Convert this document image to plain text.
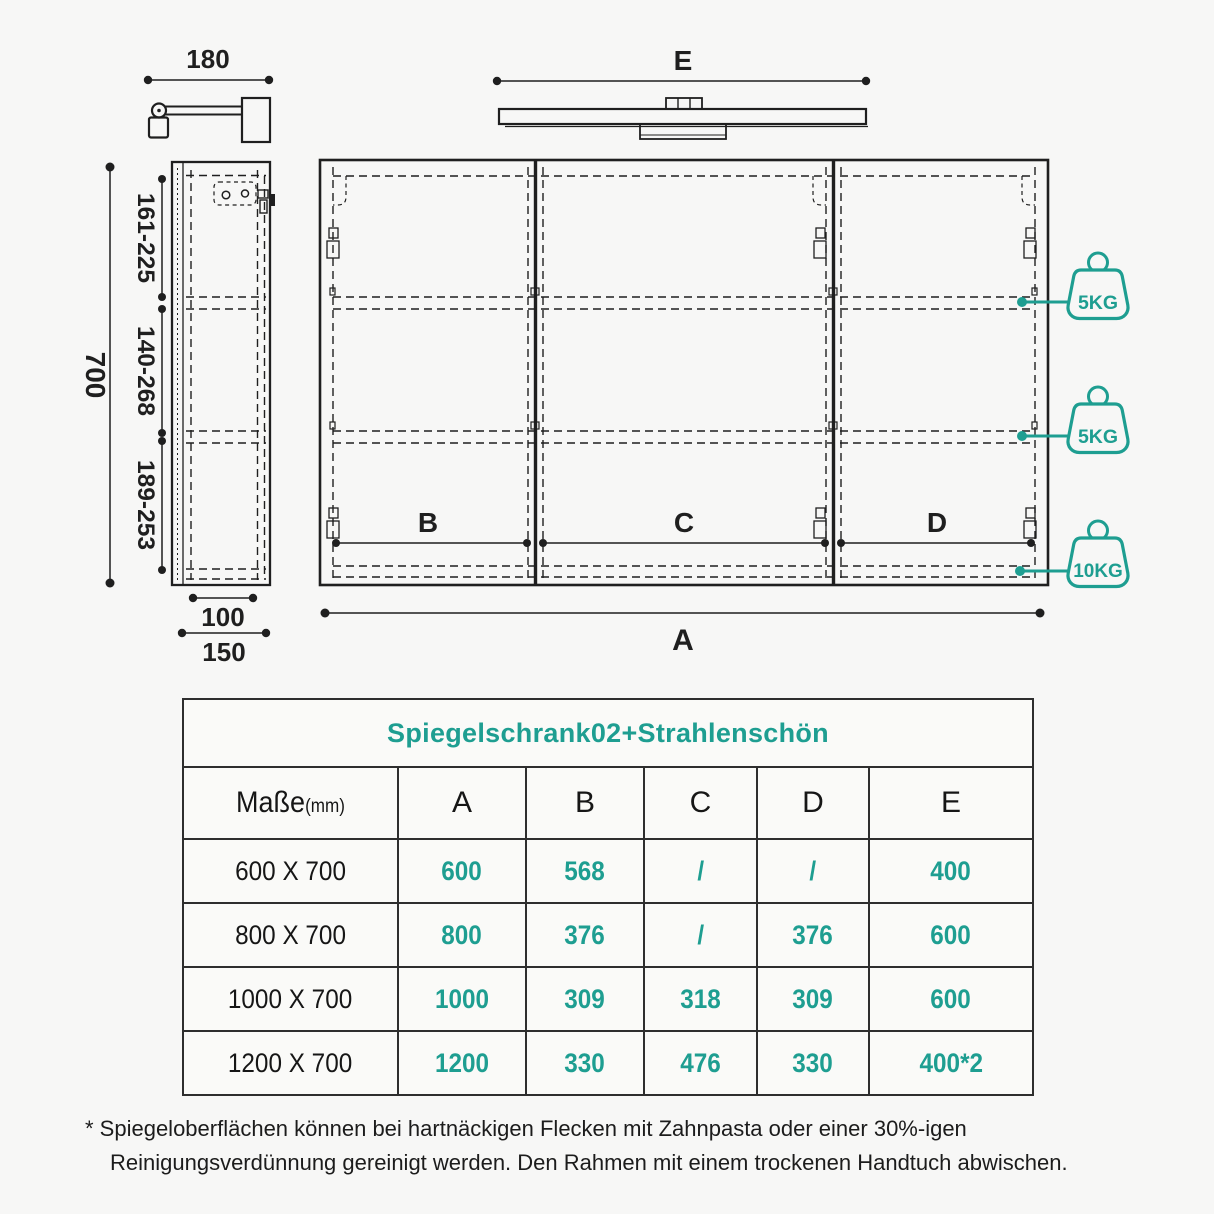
180	E
700
161-225
140-268
189-253
100
150
B	C	D
A
5KG
5KG
10KG
Spiegelschrank02+Strahlenschön					
Maße(mm)	A	B	C	D	E
600 X 700	600	568	/	/	400
800 X 700	800	376	/	376	600
1000 X 700	1000	309	318	309	600
1200 X 700	1200	330	476	330	400*2
* Spiegeloberflächen können bei hartnäckigen Flecken mit Zahnpasta oder einer 30%-igen
Reinigungsverdünnung gereinigt werden. Den Rahmen mit einem trockenen Handtuch abwischen.
